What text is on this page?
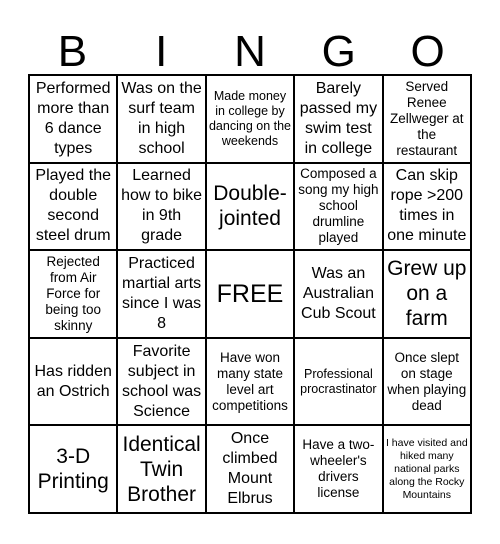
B	I	N	G	O
Performed more than 6 dance types
Was on the surf team in high school
Made money in college by dancing on the weekends
Barely passed my swim test in college
Served Renee Zellweger at the restaurant
Played the double second steel drum
Learned how to bike in 9th grade
Double-jointed
Composed a song my high school drumline played
Can skip rope >200 times in one minute
Rejected from Air Force for being too skinny
Practiced martial arts since I was 8
FREE
Was an Australian Cub Scout
Grew up on a farm
Has ridden an Ostrich
Favorite subject in school was Science
Have won many state level art competitions
Professional procrastinator
Once slept on stage when playing dead
3-D Printing
Identical Twin Brother
Once climbed Mount Elbrus
Have a two-wheeler's drivers license
I have visited and hiked many national parks along the Rocky Mountains
